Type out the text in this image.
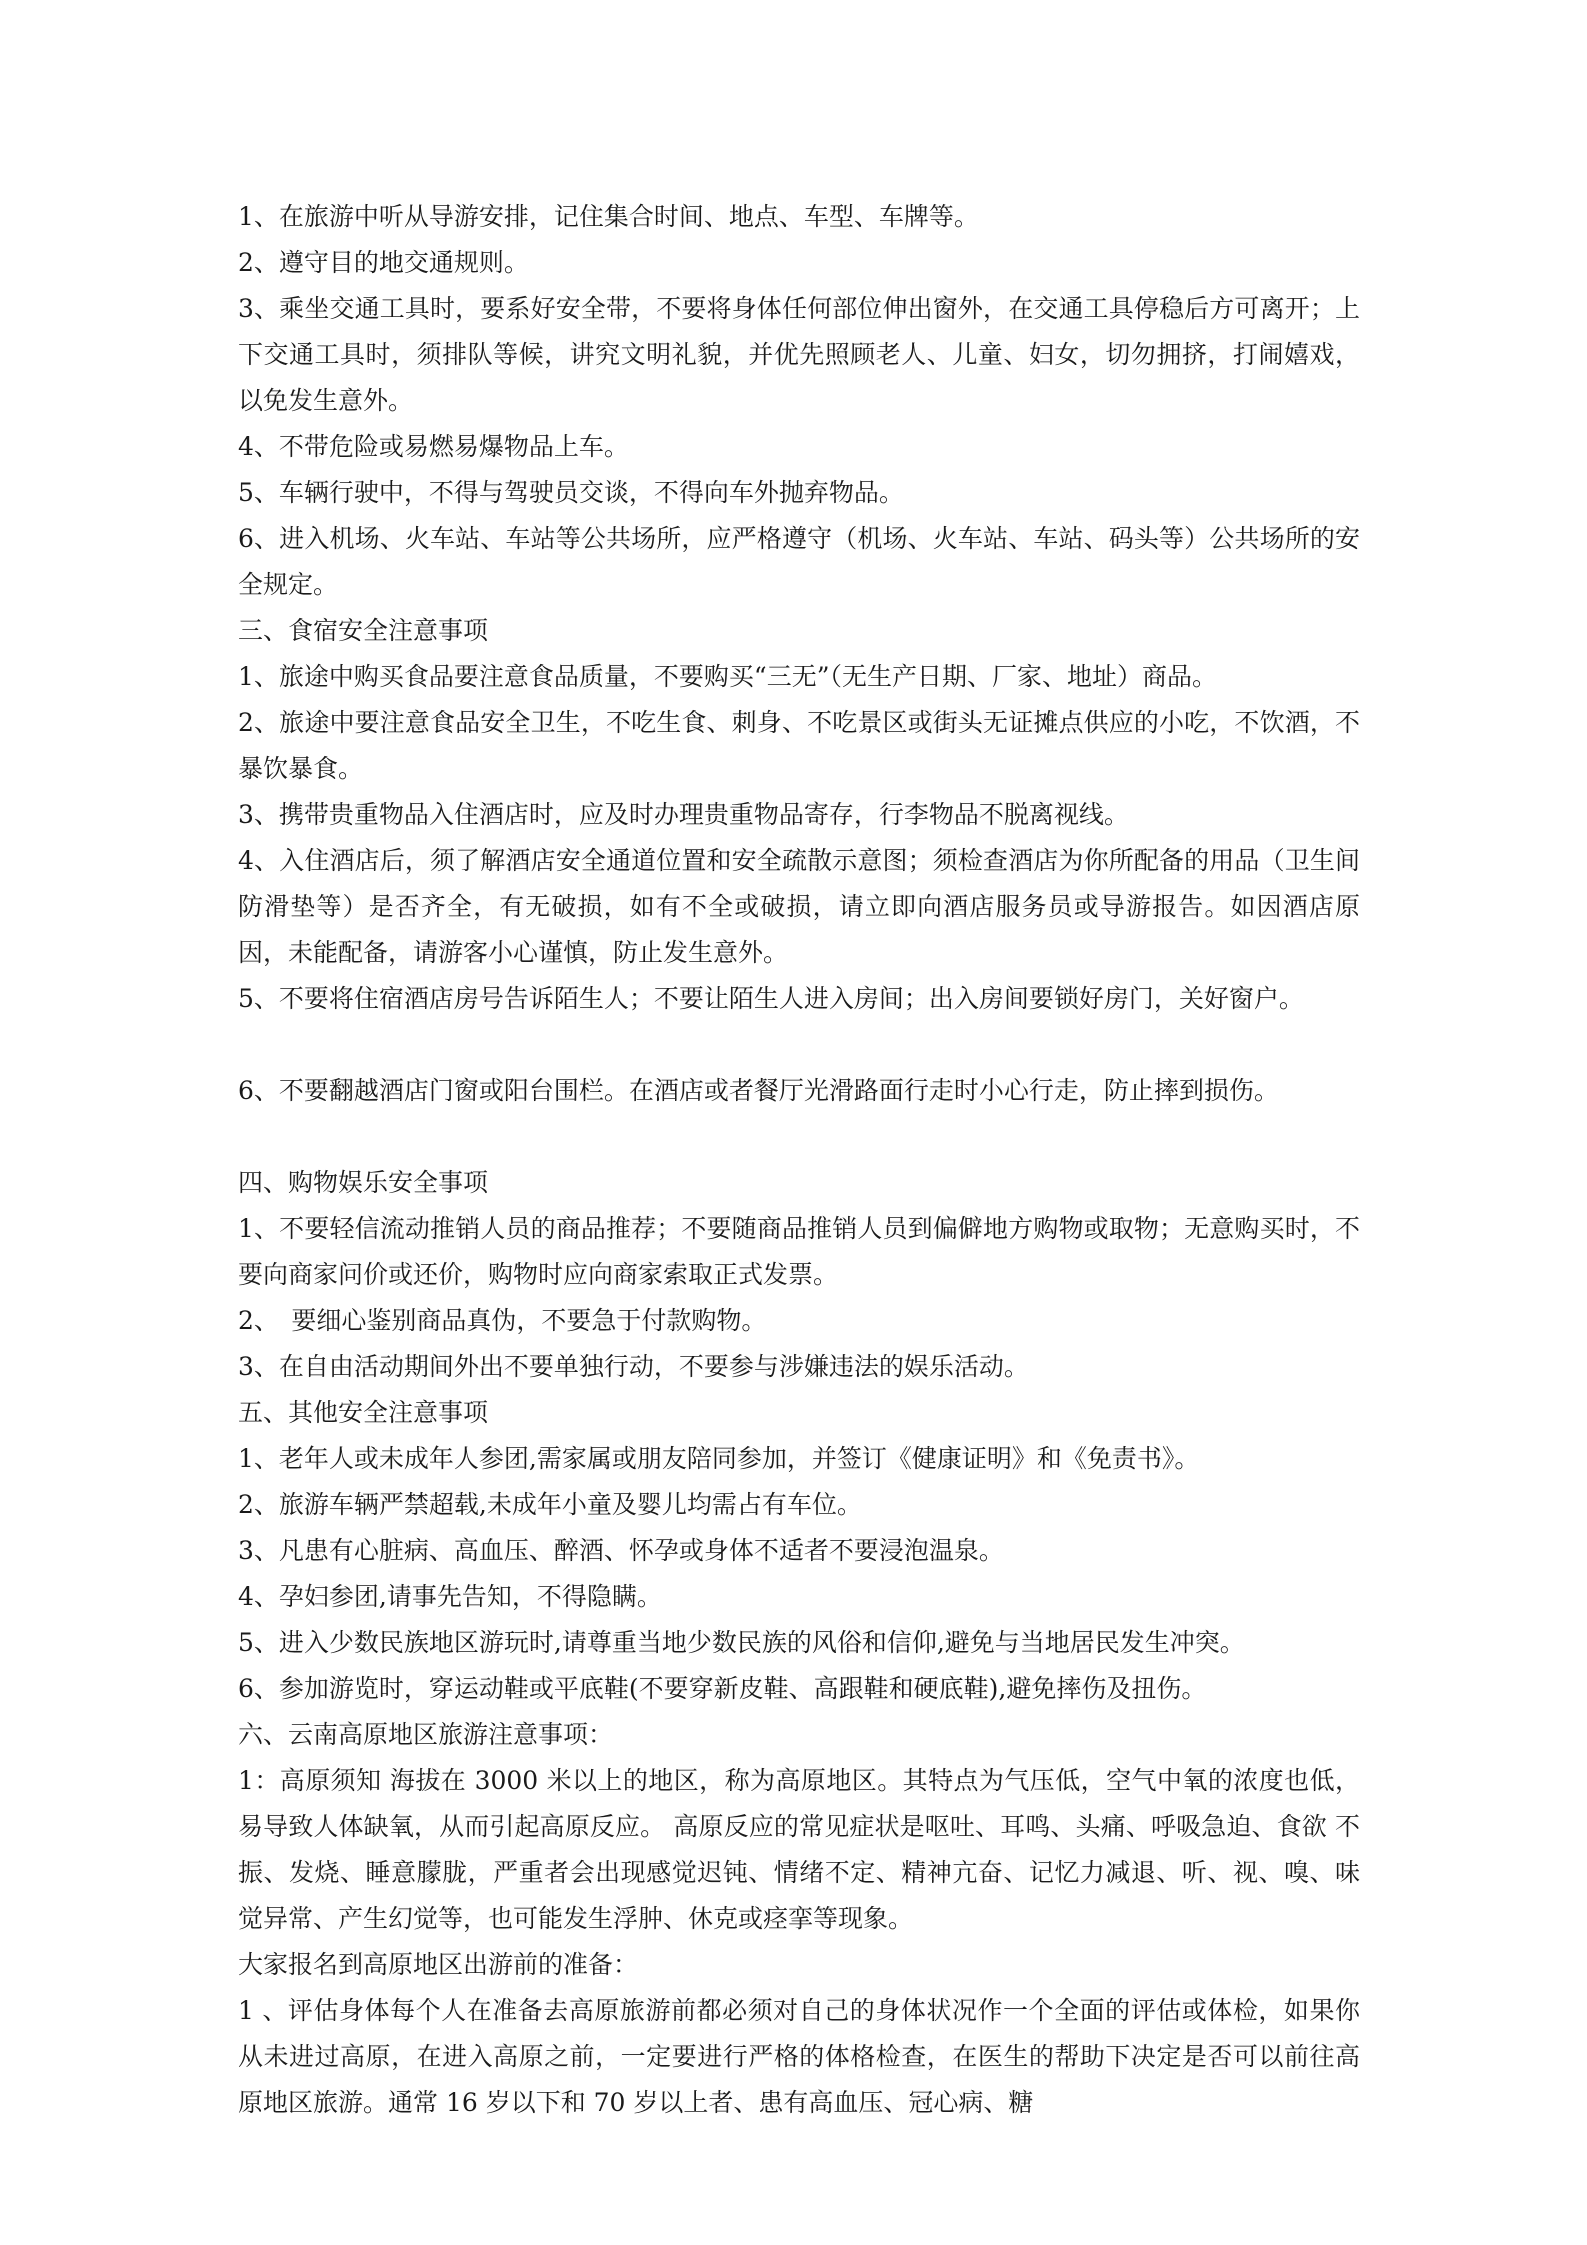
1、在旅游中听从导游安排，记住集合时间、地点、车型、车牌等。

2、遵守目的地交通规则。

3、乘坐交通工具时，要系好安全带，不要将身体任何部位伸出窗外，在交通工具停稳后方可离开；上下交通工具时，须排队等候，讲究文明礼貌，并优先照顾老人、儿童、妇女，切勿拥挤，打闹嬉戏，以免发生意外。

4、不带危险或易燃易爆物品上车。

5、车辆行驶中，不得与驾驶员交谈，不得向车外抛弃物品。

6、进入机场、火车站、车站等公共场所，应严格遵守（机场、火车站、车站、码头等）公共场所的安全规定。

三、食宿安全注意事项

1、旅途中购买食品要注意食品质量，不要购买“三无”（无生产日期、厂家、地址）商品。

2、旅途中要注意食品安全卫生，不吃生食、刺身、不吃景区或街头无证摊点供应的小吃，不饮酒，不暴饮暴食。

3、携带贵重物品入住酒店时，应及时办理贵重物品寄存，行李物品不脱离视线。

4、入住酒店后，须了解酒店安全通道位置和安全疏散示意图；须检查酒店为你所配备的用品（卫生间防滑垫等）是否齐全，有无破损，如有不全或破损，请立即向酒店服务员或导游报告。如因酒店原因，未能配备，请游客小心谨慎，防止发生意外。

5、不要将住宿酒店房号告诉陌生人；不要让陌生人进入房间；出入房间要锁好房门，关好窗户。

6、不要翻越酒店门窗或阳台围栏。在酒店或者餐厅光滑路面行走时小心行走，防止摔到损伤。

四、购物娱乐安全事项

1、不要轻信流动推销人员的商品推荐；不要随商品推销人员到偏僻地方购物或取物；无意购买时，不要向商家问价或还价，购物时应向商家索取正式发票。

2、　要细心鉴别商品真伪，不要急于付款购物。

3、在自由活动期间外出不要单独行动，不要参与涉嫌违法的娱乐活动。

五、其他安全注意事项

1、老年人或未成年人参团,需家属或朋友陪同参加，并签订《健康证明》和《免责书》。

2、旅游车辆严禁超载,未成年小童及婴儿均需占有车位。

3、凡患有心脏病、高血压、醉酒、怀孕或身体不适者不要浸泡温泉。

4、孕妇参团,请事先告知，不得隐瞒。

5、进入少数民族地区游玩时,请尊重当地少数民族的风俗和信仰,避免与当地居民发生冲突。

6、参加游览时，穿运动鞋或平底鞋(不要穿新皮鞋、高跟鞋和硬底鞋),避免摔伤及扭伤。

六、云南高原地区旅游注意事项：

1：高原须知 海拔在 3000 米以上的地区，称为高原地区。其特点为气压低，空气中氧的浓度也低，易导致人体缺氧，从而引起高原反应。 高原反应的常见症状是呕吐、耳鸣、头痛、呼吸急迫、食欲 不振、发烧、睡意朦胧，严重者会出现感觉迟钝、情绪不定、精神亢奋、记忆力减退、听、视、嗅、味觉异常、产生幻觉等，也可能发生浮肿、休克或痉挛等现象。

大家报名到高原地区出游前的准备：

1 、评估身体每个人在准备去高原旅游前都必须对自己的身体状况作一个全面的评估或体检，如果你从未进过高原，在进入高原之前，一定要进行严格的体格检查，在医生的帮助下决定是否可以前往高原地区旅游。通常 16 岁以下和 70 岁以上者、患有高血压、冠心病、糖
